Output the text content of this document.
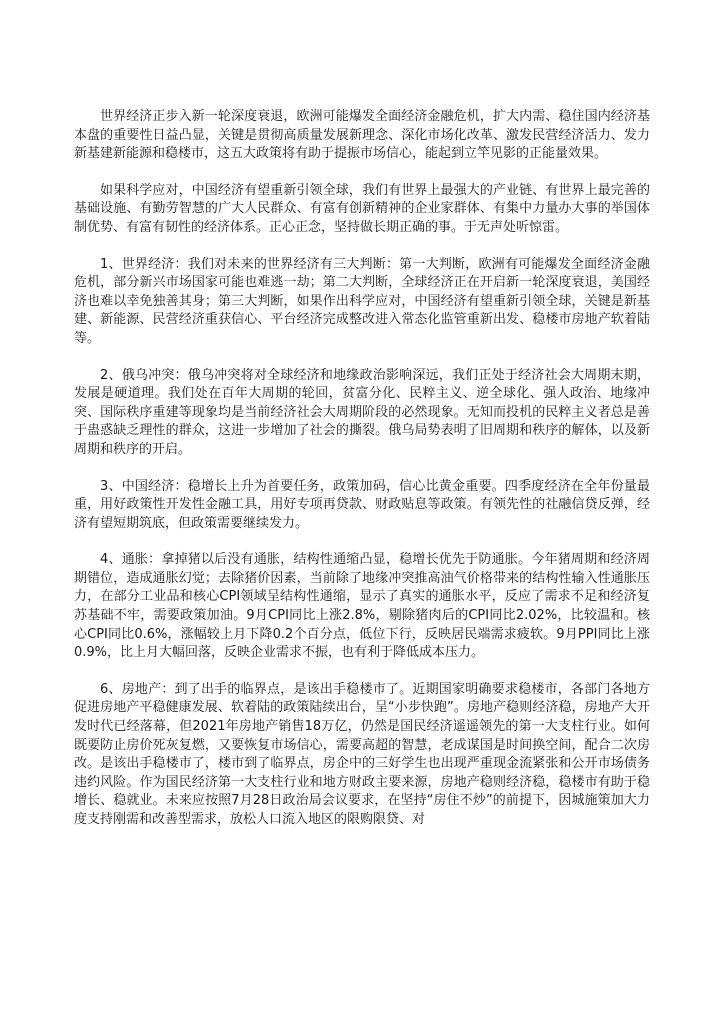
世界经济正步入新一轮深度衰退，欧洲可能爆发全面经济金融危机，扩大内需、稳住国内经济基本盘的重要性日益凸显，关键是贯彻高质量发展新理念、深化市场化改革、激发民营经济活力、发力新基建新能源和稳楼市，这五大政策将有助于提振市场信心，能起到立竿见影的正能量效果。

如果科学应对，中国经济有望重新引领全球，我们有世界上最强大的产业链、有世界上最完善的基础设施、有勤劳智慧的广大人民群众、有富有创新精神的企业家群体、有集中力量办大事的举国体制优势、有富有韧性的经济体系。正心正念，坚持做长期正确的事。于无声处听惊雷。

1、世界经济：我们对未来的世界经济有三大判断：第一大判断，欧洲有可能爆发全面经济金融危机，部分新兴市场国家可能也难逃一劫；第二大判断，全球经济正在开启新一轮深度衰退，美国经济也难以幸免独善其身；第三大判断，如果作出科学应对，中国经济有望重新引领全球，关键是新基建、新能源、民营经济重获信心、平台经济完成整改进入常态化监管重新出发、稳楼市房地产软着陆等。

2、俄乌冲突：俄乌冲突将对全球经济和地缘政治影响深远，我们正处于经济社会大周期末期，发展是硬道理。我们处在百年大周期的轮回，贫富分化、民粹主义、逆全球化、强人政治、地缘冲突、国际秩序重建等现象均是当前经济社会大周期阶段的必然现象。无知而投机的民粹主义者总是善于蛊惑缺乏理性的群众，这进一步增加了社会的撕裂。俄乌局势表明了旧周期和秩序的解体，以及新周期和秩序的开启。

3、中国经济：稳增长上升为首要任务，政策加码，信心比黄金重要。四季度经济在全年份量最重，用好政策性开发性金融工具，用好专项再贷款、财政贴息等政策。有领先性的社融信贷反弹，经济有望短期筑底，但政策需要继续发力。

4、通胀：拿掉猪以后没有通胀，结构性通缩凸显，稳增长优先于防通胀。今年猪周期和经济周期错位，造成通胀幻觉；去除猪价因素，当前除了地缘冲突推高油气价格带来的结构性输入性通胀压力，在部分工业品和核心CPI领域呈结构性通缩，显示了真实的通胀水平，反应了需求不足和经济复苏基础不牢，需要政策加油。9月CPI同比上涨2.8%，剔除猪肉后的CPI同比2.02%，比较温和。核心CPI同比0.6%，涨幅较上月下降0.2个百分点，低位下行，反映居民端需求疲软。9月PPI同比上涨0.9%，比上月大幅回落，反映企业需求不振，也有利于降低成本压力。

6、房地产：到了出手的临界点，是该出手稳楼市了。近期国家明确要求稳楼市，各部门各地方促进房地产平稳健康发展、软着陆的政策陆续出台，呈“小步快跑”。房地产稳则经济稳，房地产大开发时代已经落幕，但2021年房地产销售18万亿，仍然是国民经济遥遥领先的第一大支柱行业。如何既要防止房价死灰复燃，又要恢复市场信心，需要高超的智慧，老成谋国是时间换空间，配合二次房改。是该出手稳楼市了，楼市到了临界点，房企中的三好学生也出现严重现金流紧张和公开市场债务违约风险。作为国民经济第一大支柱行业和地方财政主要来源，房地产稳则经济稳，稳楼市有助于稳增长、稳就业。未来应按照7月28日政治局会议要求，在坚持“房住不炒”的前提下，因城施策加大力度支持刚需和改善型需求，放松人口流入地区的限购限贷、对
